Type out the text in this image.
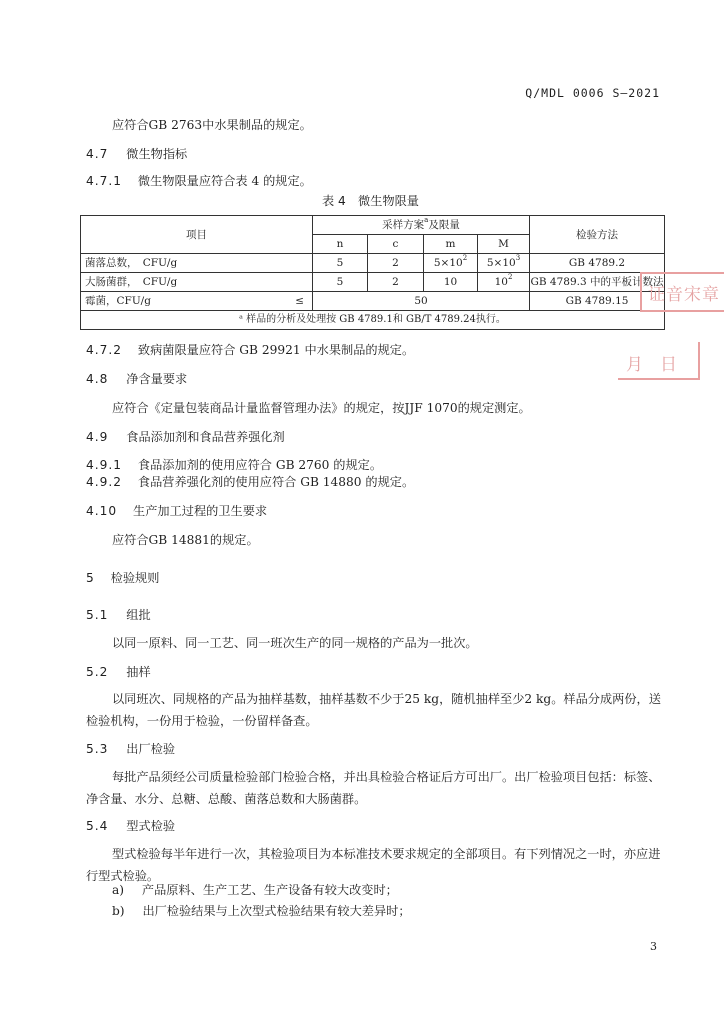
Q/MDL 0006 S—2021
应符合GB 2763中水果制品的规定。
4.7 微生物指标
4.7.1 微生物限量应符合表 4 的规定。
表 4　微生物限量
项目	采样方案$^a$及限量				检验方法
	n	c	m	M	
菌落总数，　CFU/g	5	2	$5\times 10^2$	$5\times 10^3$	GB 4789.2
大肠菌群，　CFU/g	5	2	10	$10^2$	GB 4789.3 中的平板计数法
霉菌，CFU/g ≤	50				GB 4789.15
ᵃ 样品的分析及处理按 GB 4789.1和 GB/T 4789.24执行。					
证音宋章
月　日
4.7.2 致病菌限量应符合 GB 29921 中水果制品的规定。
4.8 净含量要求
应符合《定量包装商品计量监督管理办法》的规定，按JJF 1070的规定测定。
4.9 食品添加剂和食品营养强化剂
4.9.1 食品添加剂的使用应符合 GB 2760 的规定。
4.9.2 食品营养强化剂的使用应符合 GB 14880 的规定。
4.10 生产加工过程的卫生要求
应符合GB 14881的规定。
5 检验规则
5.1 组批
以同一原料、同一工艺、同一班次生产的同一规格的产品为一批次。
5.2 抽样
以同班次、同规格的产品为抽样基数，抽样基数不少于25 kg，随机抽样至少2 kg。样品分成两份，送检验机构，一份用于检验，一份留样备查。
5.3 出厂检验
每批产品须经公司质量检验部门检验合格，并出具检验合格证后方可出厂。出厂检验项目包括：标签、净含量、水分、总糖、总酸、菌落总数和大肠菌群。
5.4 型式检验
型式检验每半年进行一次，其检验项目为本标准技术要求规定的全部项目。有下列情况之一时，亦应进行型式检验。
a) 产品原料、生产工艺、生产设备有较大改变时；
b) 出厂检验结果与上次型式检验结果有较大差异时；
3
